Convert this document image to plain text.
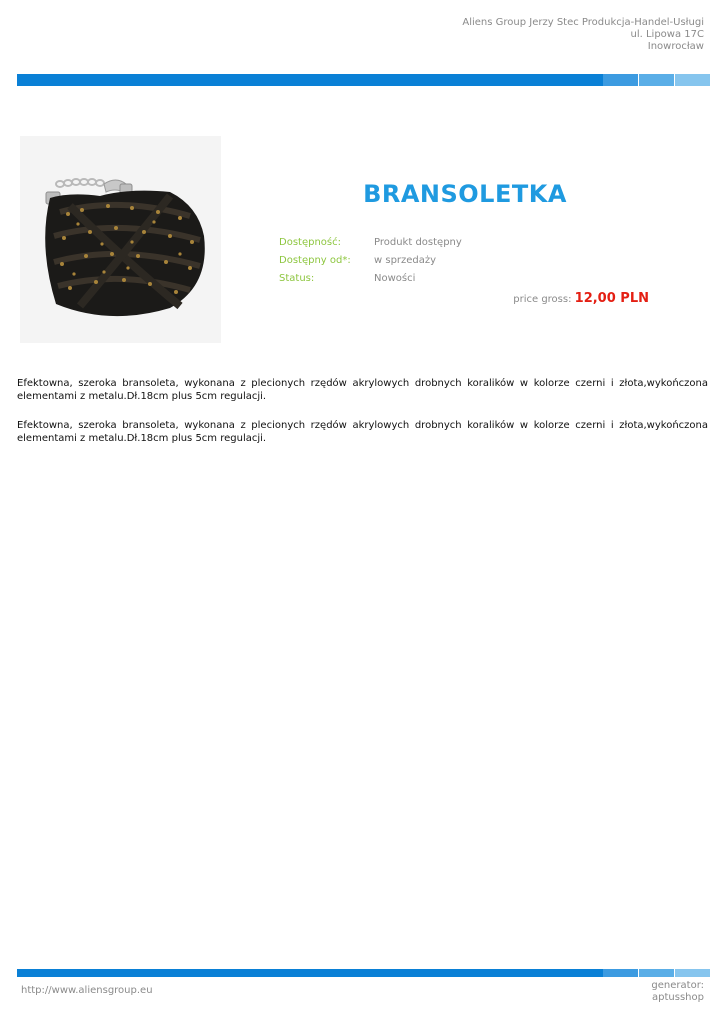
Aliens Group Jerzy Stec Produkcja-Handel-Usługi
ul. Lipowa 17C
Inowrocław
BRANSOLETKA
Dostępność:	Produkt dostępny
Dostępny od*:	w sprzedaży
Status:	Nowości
price gross: 12,00 PLN
Efektowna, szeroka bransoleta, wykonana z plecionych rzędów akrylowych drobnych koralików w kolorze czerni i złota,wykończona elementami z metalu.Dł.18cm plus 5cm regulacji.
Efektowna, szeroka bransoleta, wykonana z plecionych rzędów akrylowych drobnych koralików w kolorze czerni i złota,wykończona elementami z metalu.Dł.18cm plus 5cm regulacji.
http://www.aliensgroup.eu	generator:
aptusshop
